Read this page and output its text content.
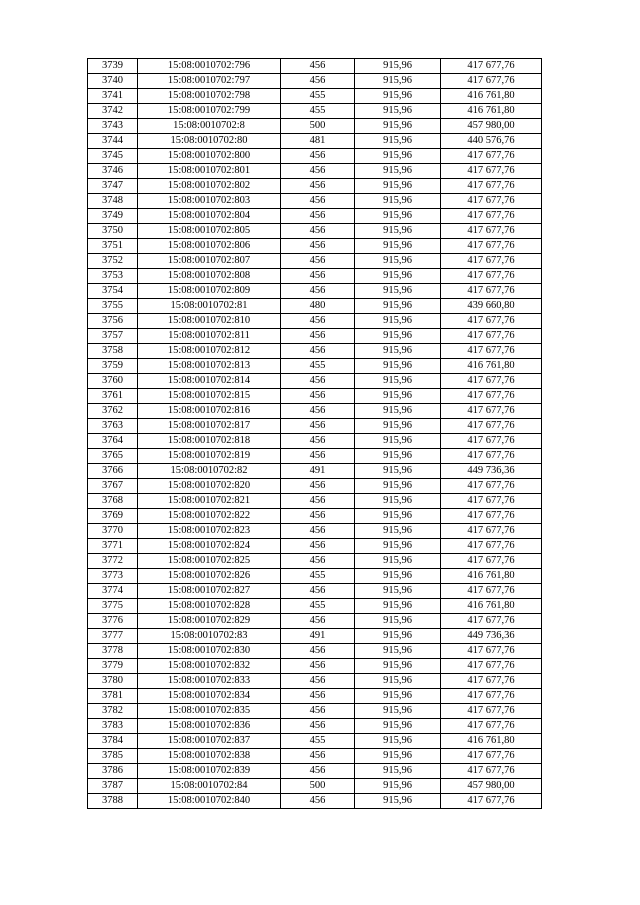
3739	15:08:0010702:796	456	915,96	417 677,76
3740	15:08:0010702:797	456	915,96	417 677,76
3741	15:08:0010702:798	455	915,96	416 761,80
3742	15:08:0010702:799	455	915,96	416 761,80
3743	15:08:0010702:8	500	915,96	457 980,00
3744	15:08:0010702:80	481	915,96	440 576,76
3745	15:08:0010702:800	456	915,96	417 677,76
3746	15:08:0010702:801	456	915,96	417 677,76
3747	15:08:0010702:802	456	915,96	417 677,76
3748	15:08:0010702:803	456	915,96	417 677,76
3749	15:08:0010702:804	456	915,96	417 677,76
3750	15:08:0010702:805	456	915,96	417 677,76
3751	15:08:0010702:806	456	915,96	417 677,76
3752	15:08:0010702:807	456	915,96	417 677,76
3753	15:08:0010702:808	456	915,96	417 677,76
3754	15:08:0010702:809	456	915,96	417 677,76
3755	15:08:0010702:81	480	915,96	439 660,80
3756	15:08:0010702:810	456	915,96	417 677,76
3757	15:08:0010702:811	456	915,96	417 677,76
3758	15:08:0010702:812	456	915,96	417 677,76
3759	15:08:0010702:813	455	915,96	416 761,80
3760	15:08:0010702:814	456	915,96	417 677,76
3761	15:08:0010702:815	456	915,96	417 677,76
3762	15:08:0010702:816	456	915,96	417 677,76
3763	15:08:0010702:817	456	915,96	417 677,76
3764	15:08:0010702:818	456	915,96	417 677,76
3765	15:08:0010702:819	456	915,96	417 677,76
3766	15:08:0010702:82	491	915,96	449 736,36
3767	15:08:0010702:820	456	915,96	417 677,76
3768	15:08:0010702:821	456	915,96	417 677,76
3769	15:08:0010702:822	456	915,96	417 677,76
3770	15:08:0010702:823	456	915,96	417 677,76
3771	15:08:0010702:824	456	915,96	417 677,76
3772	15:08:0010702:825	456	915,96	417 677,76
3773	15:08:0010702:826	455	915,96	416 761,80
3774	15:08:0010702:827	456	915,96	417 677,76
3775	15:08:0010702:828	455	915,96	416 761,80
3776	15:08:0010702:829	456	915,96	417 677,76
3777	15:08:0010702:83	491	915,96	449 736,36
3778	15:08:0010702:830	456	915,96	417 677,76
3779	15:08:0010702:832	456	915,96	417 677,76
3780	15:08:0010702:833	456	915,96	417 677,76
3781	15:08:0010702:834	456	915,96	417 677,76
3782	15:08:0010702:835	456	915,96	417 677,76
3783	15:08:0010702:836	456	915,96	417 677,76
3784	15:08:0010702:837	455	915,96	416 761,80
3785	15:08:0010702:838	456	915,96	417 677,76
3786	15:08:0010702:839	456	915,96	417 677,76
3787	15:08:0010702:84	500	915,96	457 980,00
3788	15:08:0010702:840	456	915,96	417 677,76
